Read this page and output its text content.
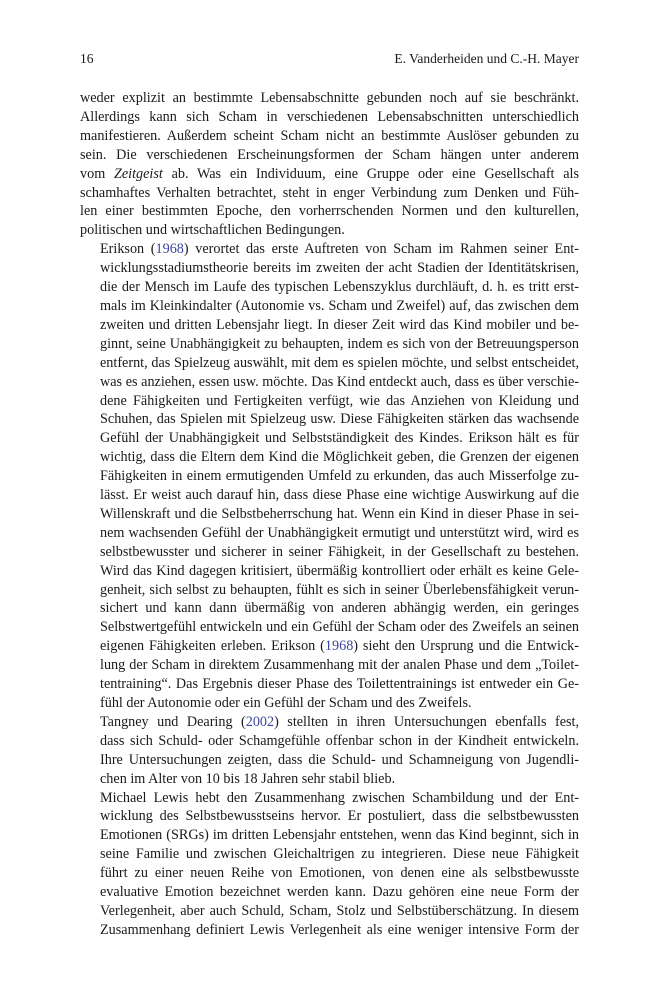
16	E. Vanderheiden und C.-H. Mayer

weder explizit an bestimmte Lebensabschnitte gebunden noch auf sie beschränkt.
Allerdings kann sich Scham in verschiedenen Lebensabschnitten unterschiedlich
manifestieren. Außerdem scheint Scham nicht an bestimmte Auslöser gebunden zu
sein. Die verschiedenen Erscheinungsformen der Scham hängen unter anderem
vom Zeitgeist ab. Was ein Individuum, eine Gruppe oder eine Gesellschaft als
schamhaftes Verhalten betrachtet, steht in enger Verbindung zum Denken und Füh-
len einer bestimmten Epoche, den vorherrschenden Normen und den kulturellen,
politischen und wirtschaftlichen Bedingungen.

Erikson (1968) verortet das erste Auftreten von Scham im Rahmen seiner Ent-
wicklungsstadiumstheorie bereits im zweiten der acht Stadien der Identitätskrisen,
die der Mensch im Laufe des typischen Lebenszyklus durchläuft, d. h. es tritt erst-
mals im Kleinkindalter (Autonomie vs. Scham und Zweifel) auf, das zwischen dem
zweiten und dritten Lebensjahr liegt. In dieser Zeit wird das Kind mobiler und be-
ginnt, seine Unabhängigkeit zu behaupten, indem es sich von der Betreuungsperson
entfernt, das Spielzeug auswählt, mit dem es spielen möchte, und selbst entscheidet,
was es anziehen, essen usw. möchte. Das Kind entdeckt auch, dass es über verschie-
dene Fähigkeiten und Fertigkeiten verfügt, wie das Anziehen von Kleidung und
Schuhen, das Spielen mit Spielzeug usw. Diese Fähigkeiten stärken das wachsende
Gefühl der Unabhängigkeit und Selbstständigkeit des Kindes. Erikson hält es für
wichtig, dass die Eltern dem Kind die Möglichkeit geben, die Grenzen der eigenen
Fähigkeiten in einem ermutigenden Umfeld zu erkunden, das auch Misserfolge zu-
lässt. Er weist auch darauf hin, dass diese Phase eine wichtige Auswirkung auf die
Willenskraft und die Selbstbeherrschung hat. Wenn ein Kind in dieser Phase in sei-
nem wachsenden Gefühl der Unabhängigkeit ermutigt und unterstützt wird, wird es
selbstbewusster und sicherer in seiner Fähigkeit, in der Gesellschaft zu bestehen.
Wird das Kind dagegen kritisiert, übermäßig kontrolliert oder erhält es keine Gele-
genheit, sich selbst zu behaupten, fühlt es sich in seiner Überlebensfähigkeit verun-
sichert und kann dann übermäßig von anderen abhängig werden, ein geringes
Selbstwertgefühl entwickeln und ein Gefühl der Scham oder des Zweifels an seinen
eigenen Fähigkeiten erleben. Erikson (1968) sieht den Ursprung und die Entwick-
lung der Scham in direktem Zusammenhang mit der analen Phase und dem „Toilet-
tentraining“. Das Ergebnis dieser Phase des Toilettentrainings ist entweder ein Ge-
fühl der Autonomie oder ein Gefühl der Scham und des Zweifels.

Tangney und Dearing (2002) stellten in ihren Untersuchungen ebenfalls fest,
dass sich Schuld- oder Schamgefühle offenbar schon in der Kindheit entwickeln.
Ihre Untersuchungen zeigten, dass die Schuld- und Schamneigung von Jugendli-
chen im Alter von 10 bis 18 Jahren sehr stabil blieb.

Michael Lewis hebt den Zusammenhang zwischen Schambildung und der Ent-
wicklung des Selbstbewusstseins hervor. Er postuliert, dass die selbstbewussten
Emotionen (SRGs) im dritten Lebensjahr entstehen, wenn das Kind beginnt, sich in
seine Familie und zwischen Gleichaltrigen zu integrieren. Diese neue Fähigkeit
führt zu einer neuen Reihe von Emotionen, von denen eine als selbstbewusste
evaluative Emotion bezeichnet werden kann. Dazu gehören eine neue Form der
Verlegenheit, aber auch Schuld, Scham, Stolz und Selbstüberschätzung. In diesem
Zusammenhang definiert Lewis Verlegenheit als eine weniger intensive Form der
